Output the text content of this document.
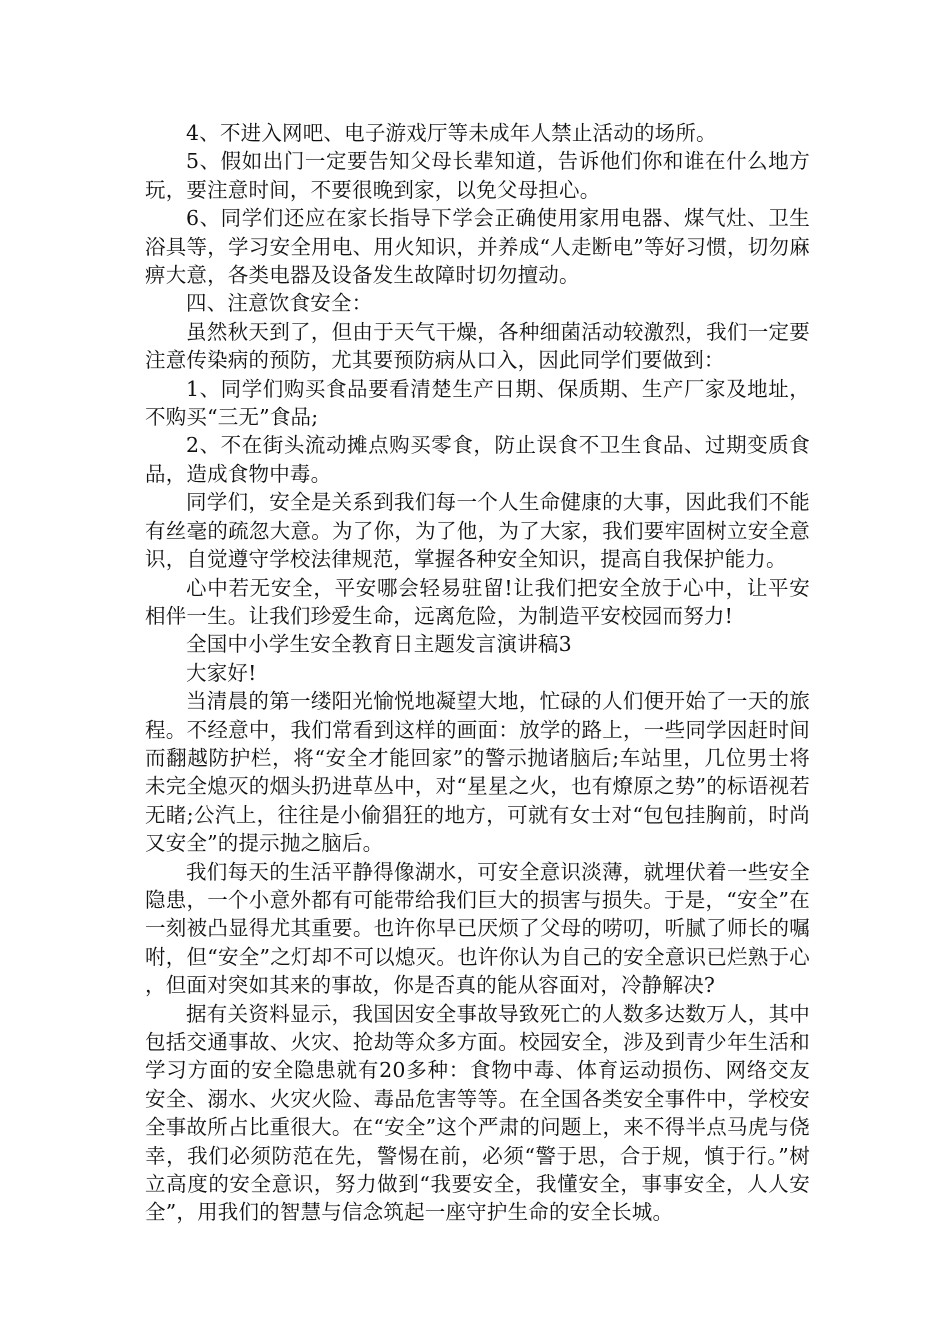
4、不进入网吧、电子游戏厅等未成年人禁止活动的场所。

5、假如出门一定要告知父母长辈知道，告诉他们你和谁在什么地方玩，要注意时间，不要很晚到家，以免父母担心。

6、同学们还应在家长指导下学会正确使用家用电器、煤气灶、卫生浴具等，学习安全用电、用火知识，并养成“人走断电”等好习惯，切勿麻痹大意，各类电器及设备发生故障时切勿擅动。

四、注意饮食安全：

虽然秋天到了，但由于天气干燥，各种细菌活动较激烈，我们一定要注意传染病的预防，尤其要预防病从口入，因此同学们要做到：

1、同学们购买食品要看清楚生产日期、保质期、生产厂家及地址，不购买“三无”食品;

2、不在街头流动摊点购买零食，防止误食不卫生食品、过期变质食品，造成食物中毒。

同学们，安全是关系到我们每一个人生命健康的大事，因此我们不能有丝毫的疏忽大意。为了你，为了他，为了大家，我们要牢固树立安全意识，自觉遵守学校法律规范，掌握各种安全知识，提高自我保护能力。

心中若无安全，平安哪会轻易驻留!让我们把安全放于心中，让平安相伴一生。让我们珍爱生命，远离危险，为制造平安校园而努力!

全国中小学生安全教育日主题发言演讲稿3

大家好!

当清晨的第一缕阳光愉悦地凝望大地，忙碌的人们便开始了一天的旅程。不经意中，我们常看到这样的画面：放学的路上，一些同学因赶时间而翻越防护栏，将“安全才能回家”的警示抛诸脑后;车站里，几位男士将未完全熄灭的烟头扔进草丛中，对“星星之火，也有燎原之势”的标语视若无睹;公汽上，往往是小偷猖狂的地方，可就有女士对“包包挂胸前，时尚又安全”的提示抛之脑后。

我们每天的生活平静得像湖水，可安全意识淡薄，就埋伏着一些安全隐患，一个小意外都有可能带给我们巨大的损害与损失。于是，“安全”在一刻被凸显得尤其重要。也许你早已厌烦了父母的唠叨，听腻了师长的嘱咐，但“安全”之灯却不可以熄灭。也许你认为自己的安全意识已烂熟于心，但面对突如其来的事故，你是否真的能从容面对，冷静解决?

据有关资料显示，我国因安全事故导致死亡的人数多达数万人，其中包括交通事故、火灾、抢劫等众多方面。校园安全，涉及到青少年生活和学习方面的安全隐患就有20多种：食物中毒、体育运动损伤、网络交友安全、溺水、火灾火险、毒品危害等等。在全国各类安全事件中，学校安全事故所占比重很大。在“安全”这个严肃的问题上，来不得半点马虎与侥幸，我们必须防范在先，警惕在前，必须“警于思，合于规，慎于行。”树立高度的安全意识，努力做到“我要安全，我懂安全，事事安全，人人安全”，用我们的智慧与信念筑起一座守护生命的安全长城。
